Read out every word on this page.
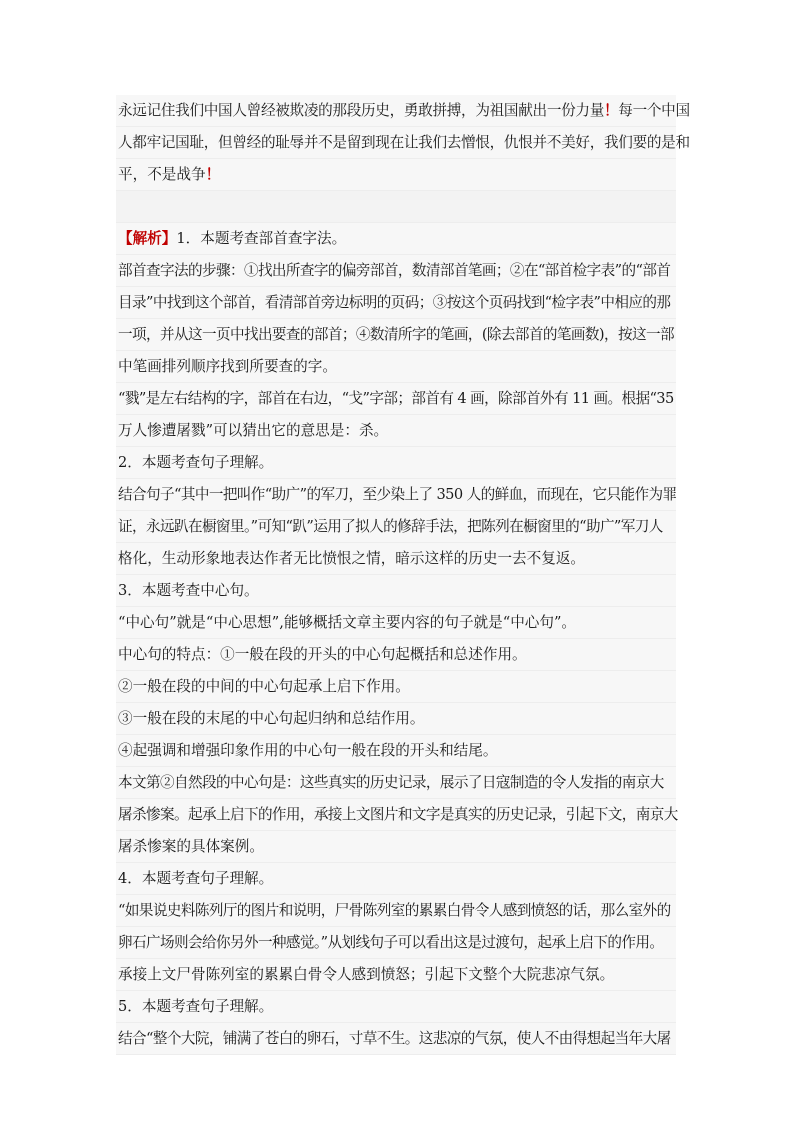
永远记住我们中国人曾经被欺凌的那段历史，勇敢拼搏，为祖国献出一份力量！每一个中国
人都牢记国耻，但曾经的耻辱并不是留到现在让我们去憎恨，仇恨并不美好，我们要的是和
平，不是战争！
【解析】1．本题考查部首查字法。
部首查字法的步骤：①找出所查字的偏旁部首，数清部首笔画；②在“部首检字表”的“部首
目录”中找到这个部首，看清部首旁边标明的页码；③按这个页码找到“检字表”中相应的那
一项，并从这一页中找出要查的部首；④数清所字的笔画，(除去部首的笔画数)，按这一部
中笔画排列顺序找到所要查的字。
“戮”是左右结构的字，部首在右边，“戈”字部；部首有 4 画，除部首外有 11 画。根据“35
万人惨遭屠戮”可以猜出它的意思是：杀。
2．本题考查句子理解。
结合句子“其中一把叫作“助广”的军刀，至少染上了 350 人的鲜血，而现在，它只能作为罪
证，永远趴在橱窗里。”可知“趴”运用了拟人的修辞手法，把陈列在橱窗里的“助广”军刀人
格化，生动形象地表达作者无比愤恨之情，暗示这样的历史一去不复返。
3．本题考查中心句。
“中心句”就是“中心思想”,能够概括文章主要内容的句子就是“中心句”。
中心句的特点：①一般在段的开头的中心句起概括和总述作用。
②一般在段的中间的中心句起承上启下作用。
③一般在段的末尾的中心句起归纳和总结作用。
④起强调和增强印象作用的中心句一般在段的开头和结尾。
本文第②自然段的中心句是：这些真实的历史记录，展示了日寇制造的令人发指的南京大
屠杀惨案。起承上启下的作用，承接上文图片和文字是真实的历史记录，引起下文，南京大
屠杀惨案的具体案例。
4．本题考查句子理解。
“如果说史料陈列厅的图片和说明，尸骨陈列室的累累白骨令人感到愤怒的话，那么室外的
卵石广场则会给你另外一种感觉。”从划线句子可以看出这是过渡句，起承上启下的作用。
承接上文尸骨陈列室的累累白骨令人感到愤怒；引起下文整个大院悲凉气氛。
5．本题考查句子理解。
结合“整个大院，铺满了苍白的卵石，寸草不生。这悲凉的气氛，使人不由得想起当年大屠
